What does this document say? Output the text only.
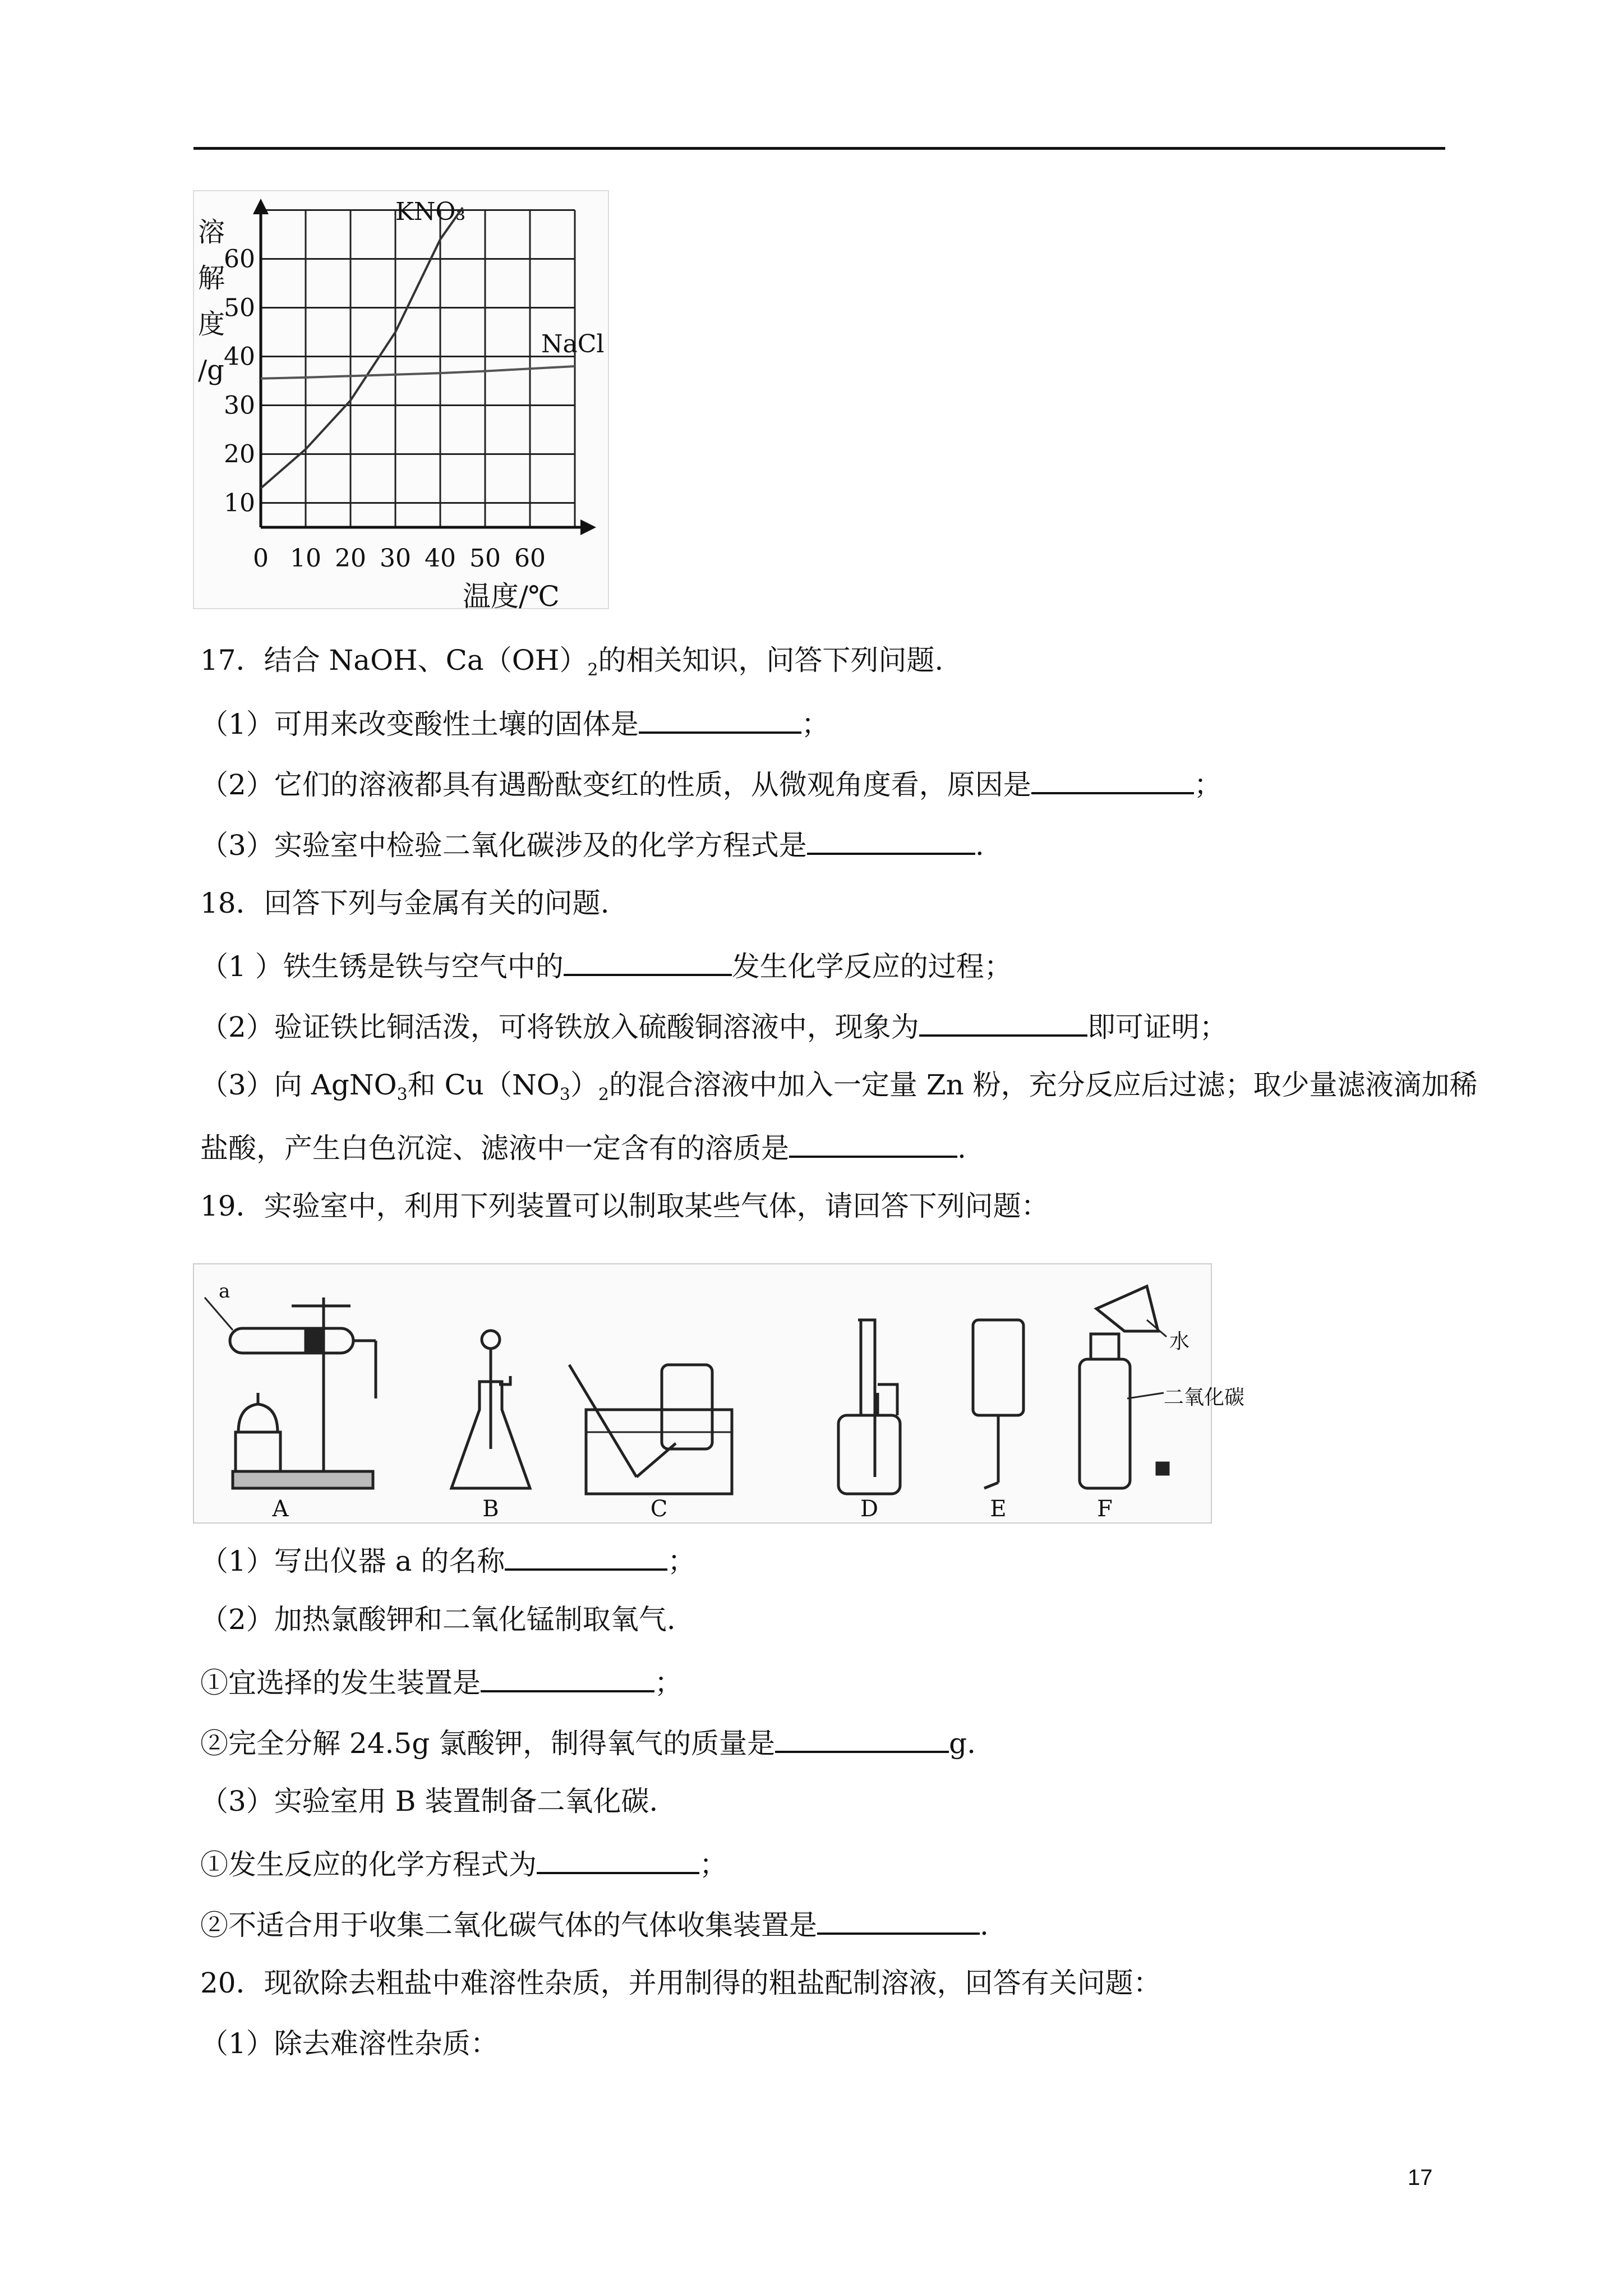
0 10 20 30 40 50 60
10
20
30
40
50
60
溶
解
度
/g
温度/℃
KNO₃
NaCl
17．结合 NaOH、$Ca(OH)_2$的相关知识，问答下列问题.
（1）可用来改变酸性土壤的固体是	；
（2）它们的溶液都具有遇酚酞变红的性质，从微观角度看，原因是	；
（3）实验室中检验二氧化碳涉及的化学方程式是	.
18．回答下列与金属有关的问题.
（1 ）铁生锈是铁与空气中的	发生化学反应的过程；
（2）验证铁比铜活泼，可将铁放入硫酸铜溶液中，现象为	即可证明；
（3）向 AgNO$_3$和 $Cu(NO_3)_2$的混合溶液中加入一定量 Zn 粉，充分反应后过滤；取少量滤液滴加稀
盐酸，产生白色沉淀、滤液中一定含有的溶质是	.
19．实验室中，利用下列装置可以制取某些气体，请回答下列问题：
a
水
二氧化碳
A	B	C	D	E	F
（1）写出仪器 a 的名称	；
（2）加热氯酸钾和二氧化锰制取氧气.
①宜选择的发生装置是	；
②完全分解 24.5g 氯酸钾，制得氧气的质量是	g.
（3）实验室用 B 装置制备二氧化碳.
①发生反应的化学方程式为	；
②不适合用于收集二氧化碳气体的气体收集装置是	.
20．现欲除去粗盐中难溶性杂质，并用制得的粗盐配制溶液，回答有关问题：
（1）除去难溶性杂质：
17
